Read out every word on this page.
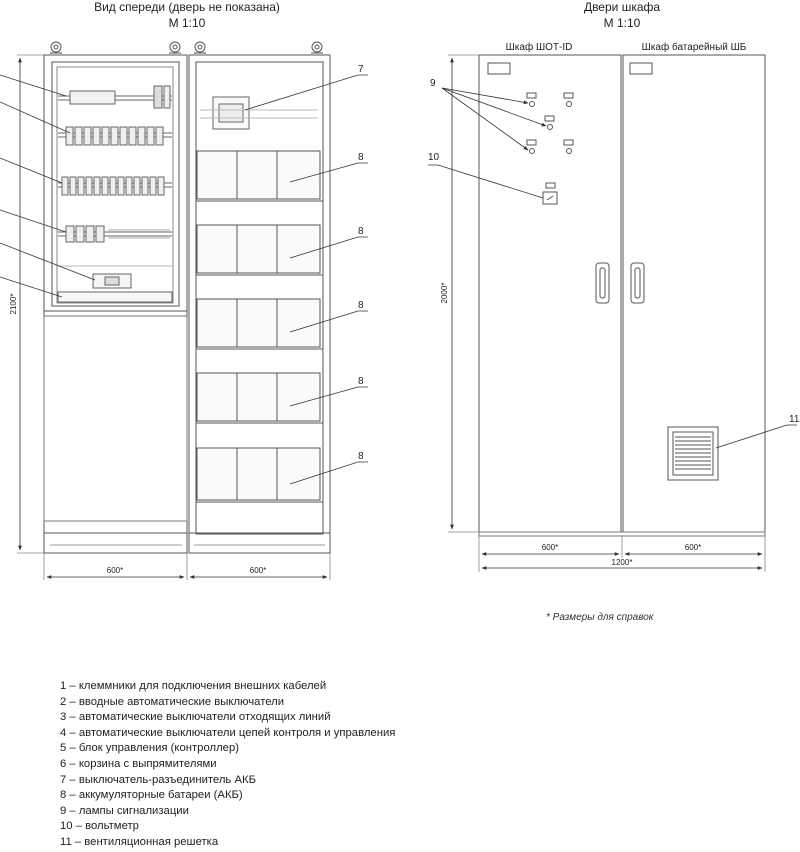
Вид спереди (дверь не показана)
М 1:10
7
8
8
8
8
8
2100*
600*	600*
Двери шкафа
М 1:10
Шкаф ШОТ-ID	Шкаф батарейный ШБ
9
10
11
2000*
600*	600*
1200*
* Размеры для справок
1 – клеммники для подключения внешних кабелей
2 – вводные автоматические выключатели
3 – автоматические выключатели отходящих линий
4 – автоматические выключатели цепей контроля и управления
5 – блок управления (контроллер)
6 – корзина с выпрямителями
7 – выключатель-разъединитель АКБ
8 – аккумуляторные батареи (АКБ)
9 – лампы сигнализации
10 – вольтметр
11 – вентиляционная решетка
